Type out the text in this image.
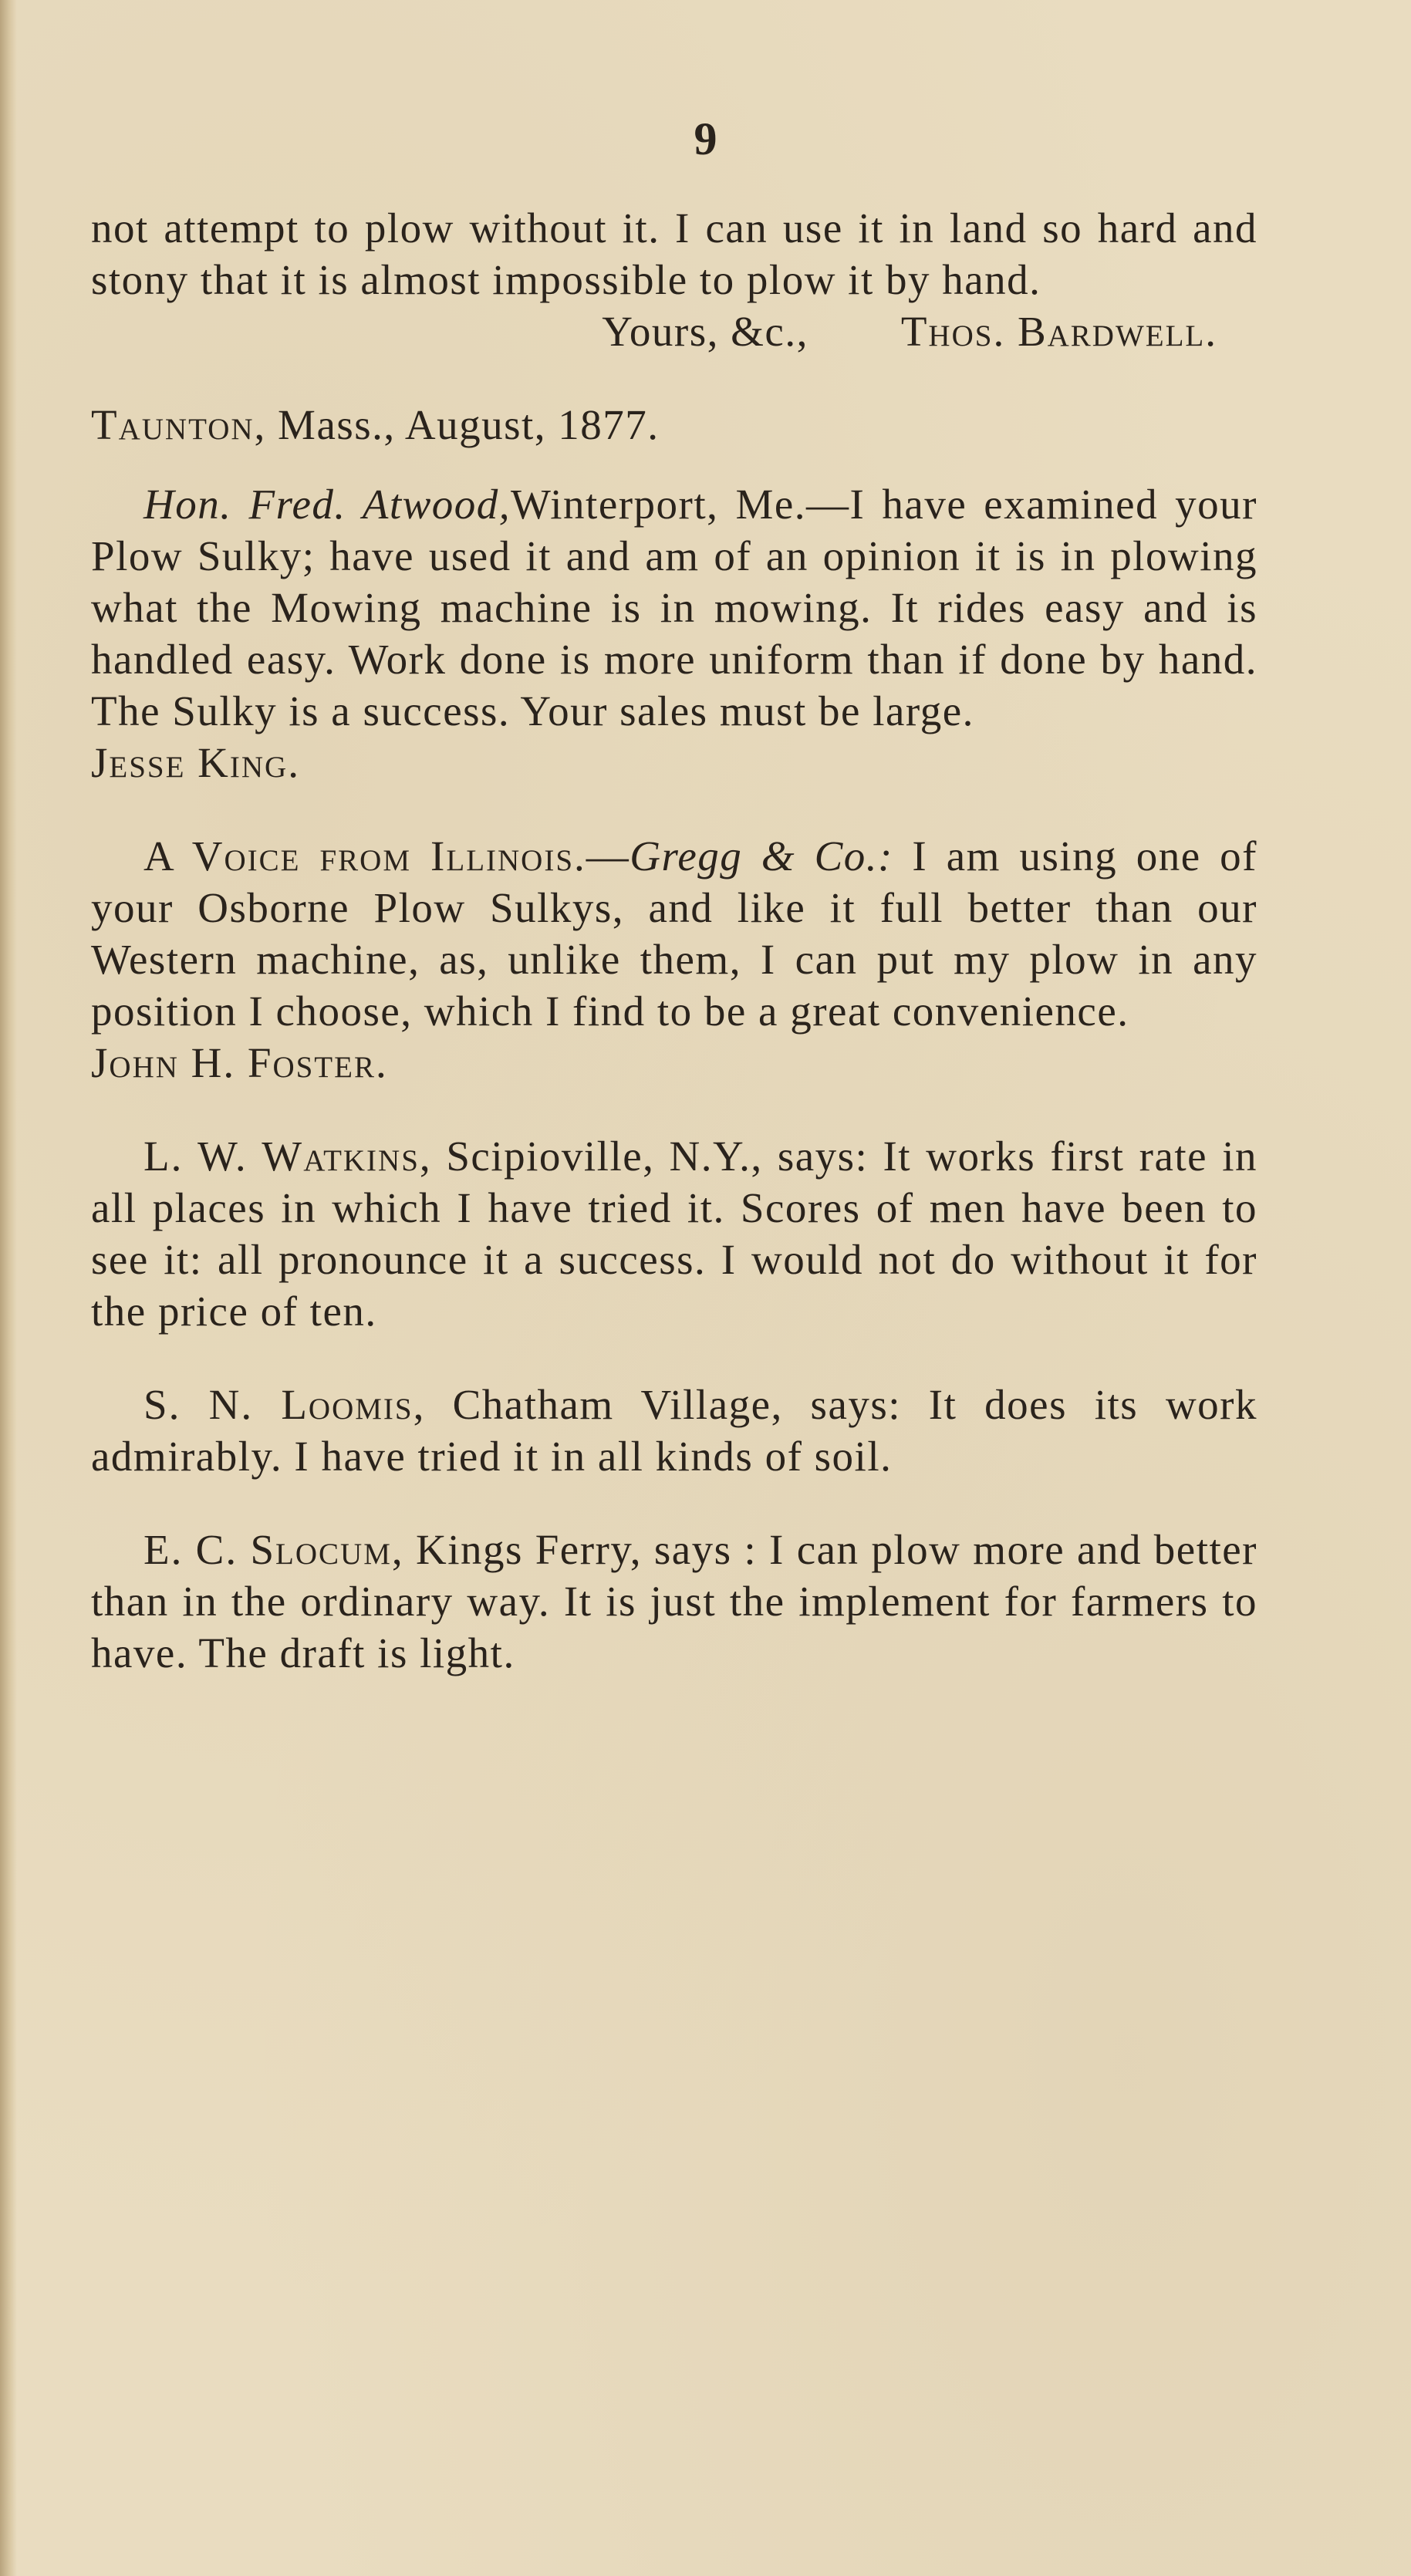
9

not attempt to plow without it. I can use it in land so hard and stony that it is almost impossible to plow it by hand.

Yours, &c., Thos. Bardwell.

Taunton, Mass., August, 1877.

Hon. Fred. Atwood,Winterport, Me.—I have examined your Plow Sulky; have used it and am of an opinion it is in plowing what the Mowing machine is in mowing. It rides easy and is handled easy. Work done is more uniform than if done by hand. The Sulky is a success. Your sales must be large.

Jesse King.

A Voice from Illinois.—Gregg & Co.: I am using one of your Osborne Plow Sulkys, and like it full better than our Western machine, as, unlike them, I can put my plow in any position I choose, which I find to be a great convenience.

John H. Foster.

L. W. Watkins, Scipioville, N.Y., says: It works first rate in all places in which I have tried it. Scores of men have been to see it: all pronounce it a success. I would not do without it for the price of ten.

S. N. Loomis, Chatham Village, says: It does its work admirably. I have tried it in all kinds of soil.

E. C. Slocum, Kings Ferry, says : I can plow more and better than in the ordinary way. It is just the implement for farmers to have. The draft is light.
